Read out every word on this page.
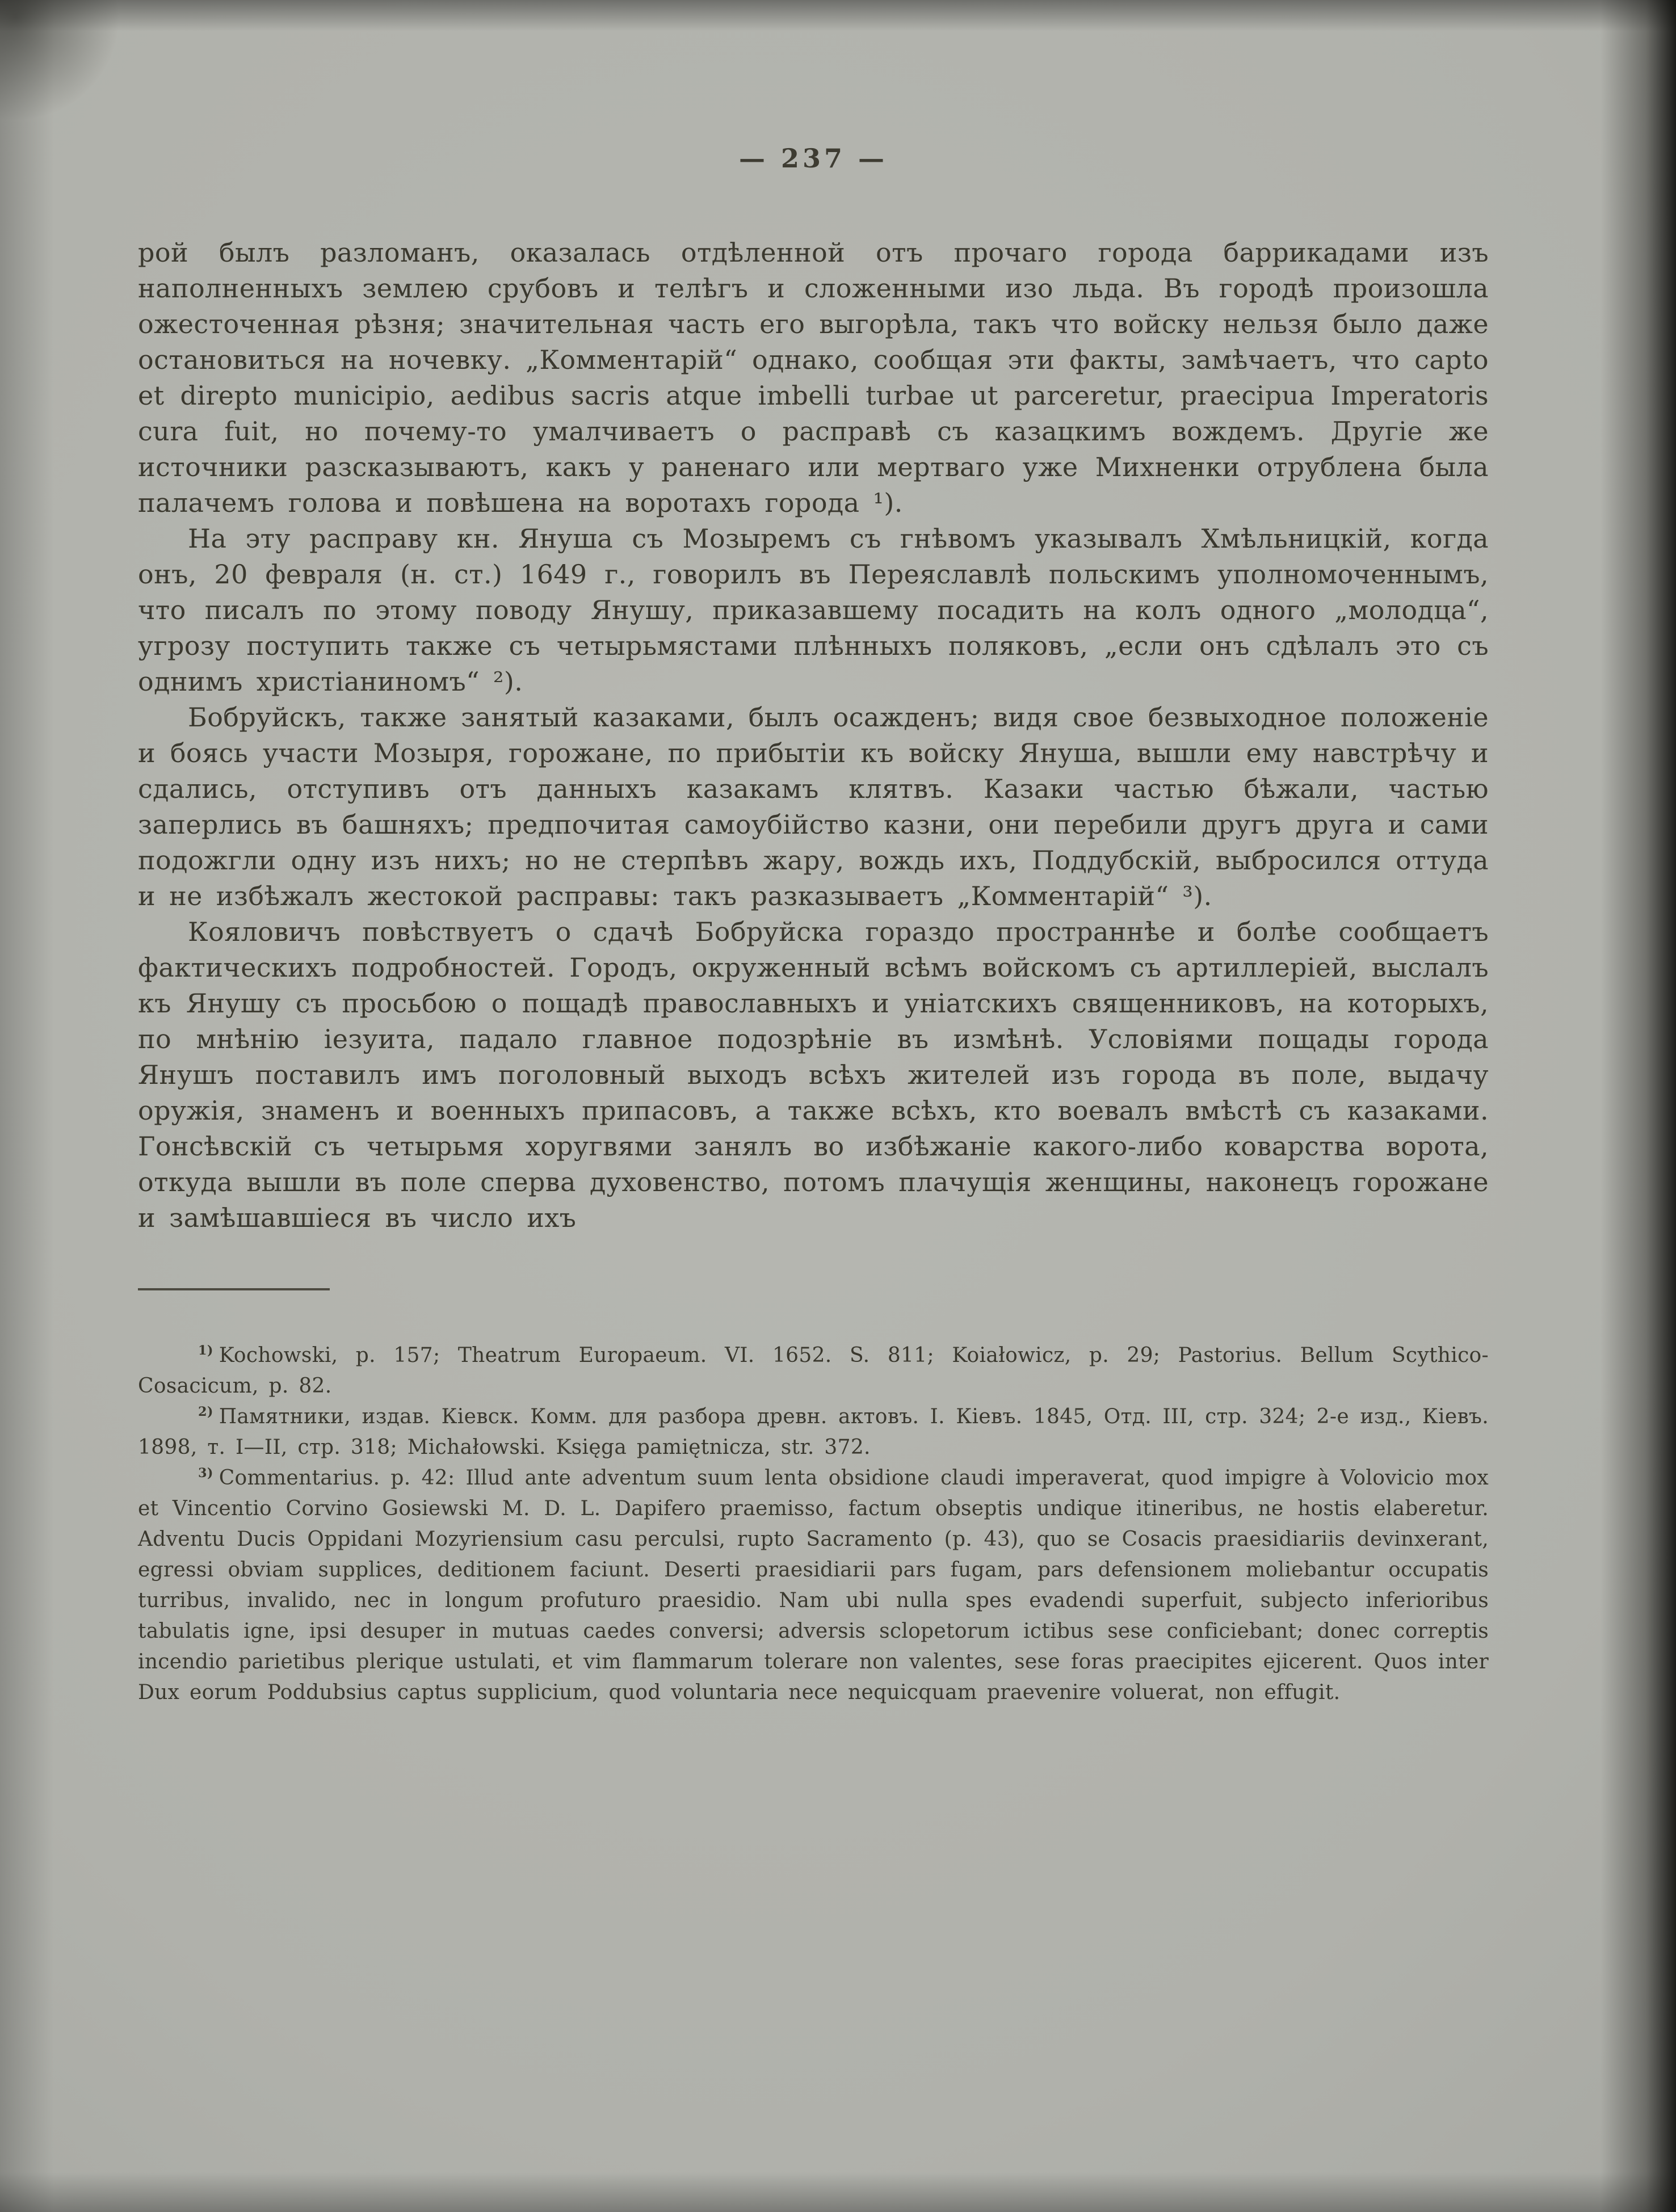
— 237 —

рой былъ разломанъ, оказалась отдѣленной отъ прочаго города баррикадами изъ наполненныхъ землею срубовъ и телѣгъ и сложенными изо льда. Въ городѣ произошла ожесточенная рѣзня; значительная часть его выгорѣла, такъ что войску нельзя было даже остановиться на ночевку. „Комментарій“ однако, сообщая эти факты, замѣчаетъ, что capto et direpto municipio, aedibus sacris atque imbelli turbae ut parceretur, praecipua Imperatoris cura fuit, но почему-то умалчиваетъ о расправѣ съ казацкимъ вождемъ. Другіе же источники разсказываютъ, какъ у раненаго или мертваго уже Михненки отрублена была палачемъ голова и повѣшена на воротахъ города ¹).

На эту расправу кн. Януша съ Мозыремъ съ гнѣвомъ указывалъ Хмѣльницкій, когда онъ, 20 февраля (н. ст.) 1649 г., говорилъ въ Переяславлѣ польскимъ уполномоченнымъ, что писалъ по этому поводу Янушу, приказавшему посадить на колъ одного „молодца“, угрозу поступить также съ четырьмястами плѣнныхъ поляковъ, „если онъ сдѣлалъ это съ однимъ христіаниномъ“ ²).

Бобруйскъ, также занятый казаками, былъ осажденъ; видя свое безвыходное положеніе и боясь участи Мозыря, горожане, по прибытіи къ войску Януша, вышли ему навстрѣчу и сдались, отступивъ отъ данныхъ казакамъ клятвъ. Казаки частью бѣжали, частью заперлись въ башняхъ; предпочитая самоубійство казни, они перебили другъ друга и сами подожгли одну изъ нихъ; но не стерпѣвъ жару, вождь ихъ, Поддубскій, выбросился оттуда и не избѣжалъ жестокой расправы: такъ разказываетъ „Комментарій“ ³).

Кояловичъ повѣствуетъ о сдачѣ Бобруйска гораздо пространнѣе и болѣе сообщаетъ фактическихъ подробностей. Городъ, окруженный всѣмъ войскомъ съ артиллеріей, выслалъ къ Янушу съ просьбою о пощадѣ православныхъ и уніатскихъ священниковъ, на которыхъ, по мнѣнію іезуита, падало главное подозрѣніе въ измѣнѣ. Условіями пощады города Янушъ поставилъ имъ поголовный выходъ всѣхъ жителей изъ города въ поле, выдачу оружія, знаменъ и военныхъ припасовъ, а также всѣхъ, кто воевалъ вмѣстѣ съ казаками. Гонсѣвскій съ четырьмя хоругвями занялъ во избѣжаніе какого-либо коварства ворота, откуда вышли въ поле сперва духовенство, потомъ плачущія женщины, наконецъ горожане и замѣшавшіеся въ число ихъ

$^{1)}$ Kochowski, p. 157; Theatrum Europaeum. VI. 1652. S. 811; Koiałowicz, p. 29; Pastorius. Bellum Scythico-Cosacicum, p. 82.

$^{2)}$ Памятники, издав. Кіевск. Комм. для разбора древн. актовъ. I. Кіевъ. 1845, Отд. III, стр. 324; 2-е изд., Кіевъ. 1898, т. I—II, стр. 318; Michałowski. Księga pamiętnicza, str. 372.

$^{3)}$ Commentarius. p. 42: Illud ante adventum suum lenta obsidione claudi imperaverat, quod impigre à Volovicio mox et Vincentio Corvino Gosiewski M. D. L. Dapifero praemisso, factum obseptis undique itineribus, ne hostis elaberetur. Adventu Ducis Oppidani Mozyriensium casu perculsi, rupto Sacramento (p. 43), quo se Cosacis praesidiariis devinxerant, egressi obviam supplices, deditionem faciunt. Deserti praesidiarii pars fugam, pars defensionem moliebantur occupatis turribus, invalido, nec in longum profuturo praesidio. Nam ubi nulla spes evadendi superfuit, subjecto inferioribus tabulatis igne, ipsi desuper in mutuas caedes conversi; adversis sclopetorum ictibus sese conficiebant; donec correptis incendio parietibus plerique ustulati, et vim flammarum tolerare non valentes, sese foras praecipites ejicerent. Quos inter Dux eorum Poddubsius captus supplicium, quod voluntaria nece nequicquam praevenire voluerat, non effugit.
